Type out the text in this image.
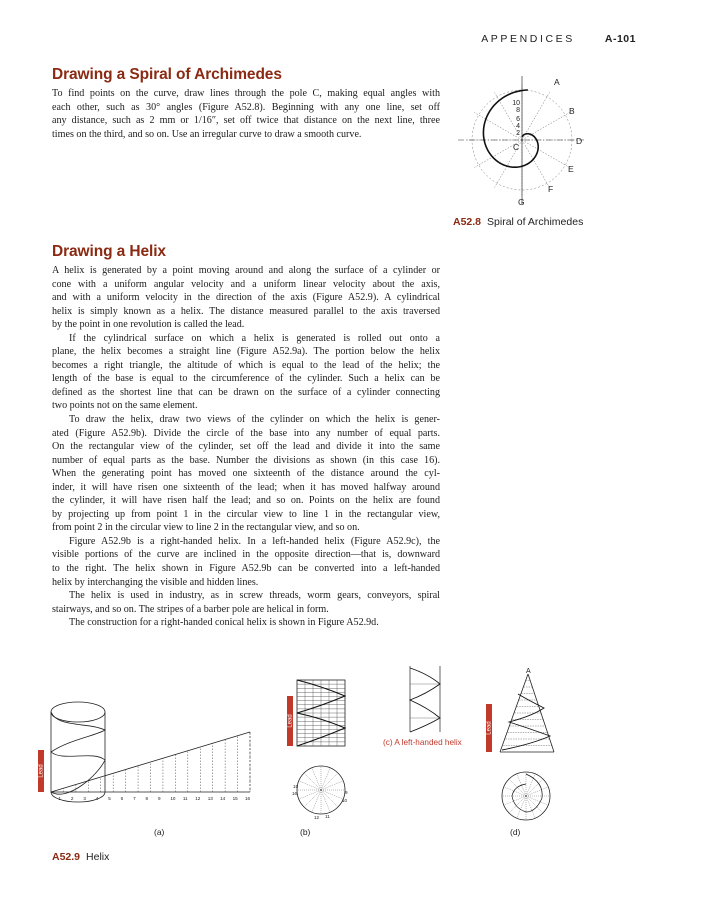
APPENDICES	A-101
Drawing a Spiral of Archimedes
To find points on the curve, draw lines through the pole C, making equal angles with
each other, such as 30° angles (Figure A52.8). Beginning with any one line, set off
any distance, such as 2 mm or 1/16″, set off twice that distance on the next line, three
times on the third, and so on. Use an irregular curve to draw a smooth curve.
10
8
6
4
2
A
B
C
D
E
F
G
A52.8 Spiral of Archimedes
Drawing a Helix
A helix is generated by a point moving around and along the surface of a cylinder or
cone with a uniform angular velocity and a uniform linear velocity about the axis,
and with a uniform velocity in the direction of the axis (Figure A52.9). A cylindrical
helix is simply known as a helix. The distance measured parallel to the axis traversed
by the point in one revolution is called the lead.
If the cylindrical surface on which a helix is generated is rolled out onto a
plane, the helix becomes a straight line (Figure A52.9a). The portion below the helix
becomes a right triangle, the altitude of which is equal to the lead of the helix; the
length of the base is equal to the circumference of the cylinder. Such a helix can be
defined as the shortest line that can be drawn on the surface of a cylinder connecting
two points not on the same element.
To draw the helix, draw two views of the cylinder on which the helix is gener-
ated (Figure A52.9b). Divide the circle of the base into any number of equal parts.
On the rectangular view of the cylinder, set off the lead and divide it into the same
number of equal parts as the base. Number the divisions as shown (in this case 16).
When the generating point has moved one sixteenth of the distance around the cyl-
inder, it will have risen one sixteenth of the lead; when it has moved halfway around
the cylinder, it will have risen half the lead; and so on. Points on the helix are found
by projecting up from point 1 in the circular view to line 1 in the rectangular view,
from point 2 in the circular view to line 2 in the rectangular view, and so on.
Figure A52.9b is a right-handed helix. In a left-handed helix (Figure A52.9c), the
visible portions of the curve are inclined in the opposite direction—that is, downward
to the right. The helix shown in Figure A52.9b can be converted into a left-handed
helix by interchanging the visible and hidden lines.
The helix is used in industry, as in screw threads, worm gears, conveyors, spiral
stairways, and so on. The stripes of a barber pole are helical in form.
The construction for a right-handed conical helix is shown in Figure A52.9d.
1 2 3 4 5 6 7 8 9 10 11 12 13 14 15 16
Lead
Lead
15
16
10
12 11
9
(c) A left-handed helix
Lead
A
(a)	(b)	(d)
A52.9 Helix
